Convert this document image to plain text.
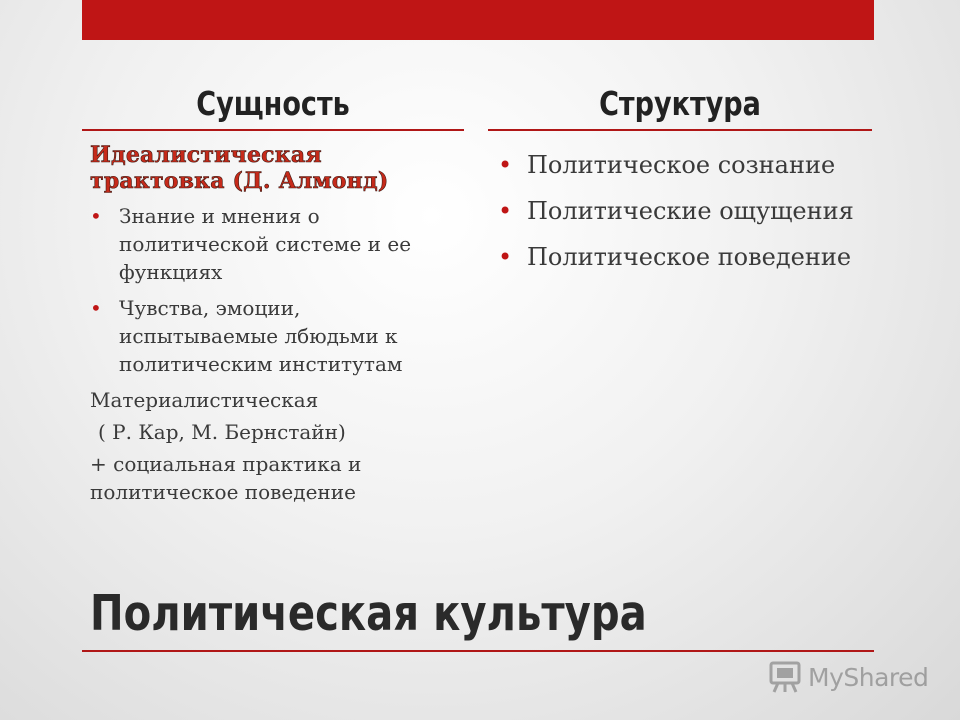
Сущность	Структура

Идеалистическая
трактовка (Д. Алмонд)

• Знание и мнения о политической системе и ее функциях
• Чувства, эмоции, испытываемые лбюдьми к политическим институтам

Материалистическая

( Р. Кар, М. Бернстайн)

+ социальная практика и
политическое поведение

• Политическое сознание
• Политические ощущения
• Политическое поведение
Политическая культура
MyShared
